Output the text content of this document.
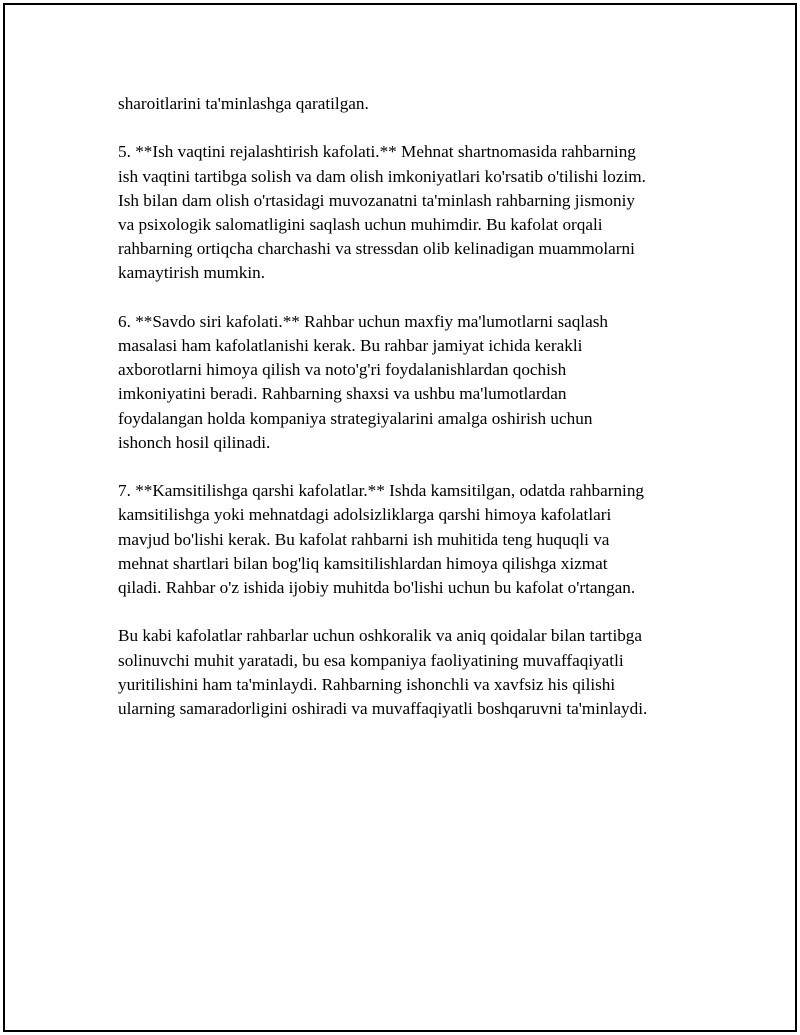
sharoitlarini ta'minlashga qaratilgan.

5. **Ish vaqtini rejalashtirish kafolati.** Mehnat shartnomasida rahbarning
ish vaqtini tartibga solish va dam olish imkoniyatlari ko'rsatib o'tilishi lozim.
Ish bilan dam olish o'rtasidagi muvozanatni ta'minlash rahbarning jismoniy
va psixologik salomatligini saqlash uchun muhimdir. Bu kafolat orqali
rahbarning ortiqcha charchashi va stressdan olib kelinadigan muammolarni
kamaytirish mumkin.

6. **Savdo siri kafolati.** Rahbar uchun maxfiy ma'lumotlarni saqlash
masalasi ham kafolatlanishi kerak. Bu rahbar jamiyat ichida kerakli
axborotlarni himoya qilish va noto'g'ri foydalanishlardan qochish
imkoniyatini beradi. Rahbarning shaxsi va ushbu ma'lumotlardan
foydalangan holda kompaniya strategiyalarini amalga oshirish uchun
ishonch hosil qilinadi.

7. **Kamsitilishga qarshi kafolatlar.** Ishda kamsitilgan, odatda rahbarning
kamsitilishga yoki mehnatdagi adolsizliklarga qarshi himoya kafolatlari
mavjud bo'lishi kerak. Bu kafolat rahbarni ish muhitida teng huquqli va
mehnat shartlari bilan bog'liq kamsitilishlardan himoya qilishga xizmat
qiladi. Rahbar o'z ishida ijobiy muhitda bo'lishi uchun bu kafolat o'rtangan.

Bu kabi kafolatlar rahbarlar uchun oshkoralik va aniq qoidalar bilan tartibga
solinuvchi muhit yaratadi, bu esa kompaniya faoliyatining muvaffaqiyatli
yuritilishini ham ta'minlaydi. Rahbarning ishonchli va xavfsiz his qilishi
ularning samaradorligini oshiradi va muvaffaqiyatli boshqaruvni ta'minlaydi.
